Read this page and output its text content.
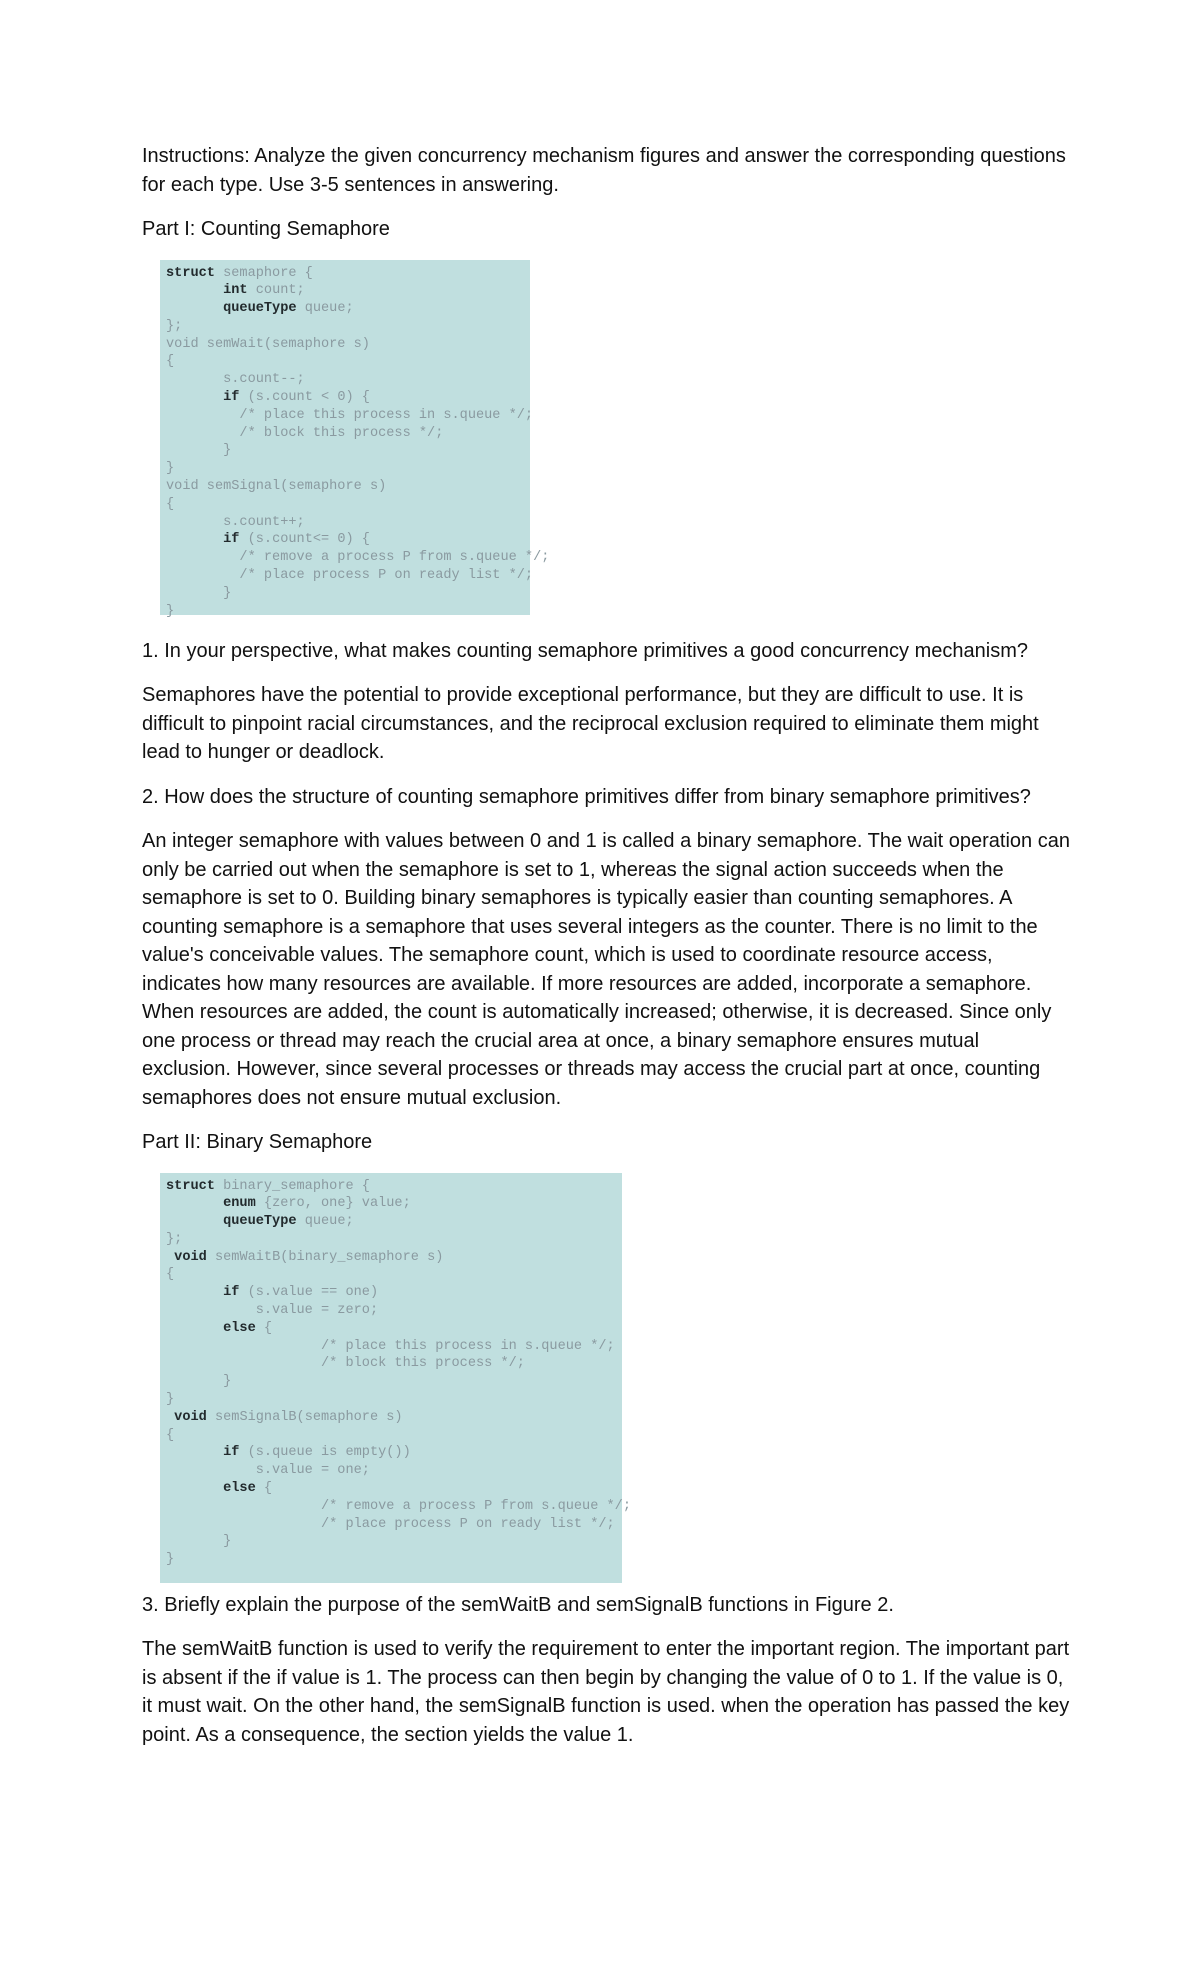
Instructions: Analyze the given concurrency mechanism figures and answer the corresponding questions for each type. Use 3-5 sentences in answering.

Part I: Counting Semaphore

struct semaphore {
int count;
queueType queue;
};
void semWait(semaphore s)
{
s.count--;
if (s.count < 0) {
/* place this process in s.queue */;
/* block this process */;
}
}
void semSignal(semaphore s)
{
s.count++;
if (s.count<= 0) {
/* remove a process P from s.queue */;
/* place process P on ready list */;
}
}

1. In your perspective, what makes counting semaphore primitives a good concurrency mechanism?

Semaphores have the potential to provide exceptional performance, but they are difficult to use. It is difficult to pinpoint racial circumstances, and the reciprocal exclusion required to eliminate them might lead to hunger or deadlock.

2. How does the structure of counting semaphore primitives differ from binary semaphore primitives?

An integer semaphore with values between 0 and 1 is called a binary semaphore. The wait operation can only be carried out when the semaphore is set to 1, whereas the signal action succeeds when the semaphore is set to 0. Building binary semaphores is typically easier than counting semaphores. A counting semaphore is a semaphore that uses several integers as the counter. There is no limit to the value's conceivable values. The semaphore count, which is used to coordinate resource access, indicates how many resources are available. If more resources are added, incorporate a semaphore. When resources are added, the count is automatically increased; otherwise, it is decreased. Since only one process or thread may reach the crucial area at once, a binary semaphore ensures mutual exclusion. However, since several processes or threads may access the crucial part at once, counting semaphores does not ensure mutual exclusion.

Part II: Binary Semaphore

struct binary_semaphore {
enum {zero, one} value;
queueType queue;
};
void semWaitB(binary_semaphore s)
{
if (s.value == one)
s.value = zero;
else {
/* place this process in s.queue */;
/* block this process */;
}
}
void semSignalB(semaphore s)
{
if (s.queue is empty())
s.value = one;
else {
/* remove a process P from s.queue */;
/* place process P on ready list */;
}
}

3. Briefly explain the purpose of the semWaitB and semSignalB functions in Figure 2.

The semWaitB function is used to verify the requirement to enter the important region. The important part is absent if the if value is 1. The process can then begin by changing the value of 0 to 1. If the value is 0, it must wait. On the other hand, the semSignalB function is used. when the operation has passed the key point. As a consequence, the section yields the value 1.
